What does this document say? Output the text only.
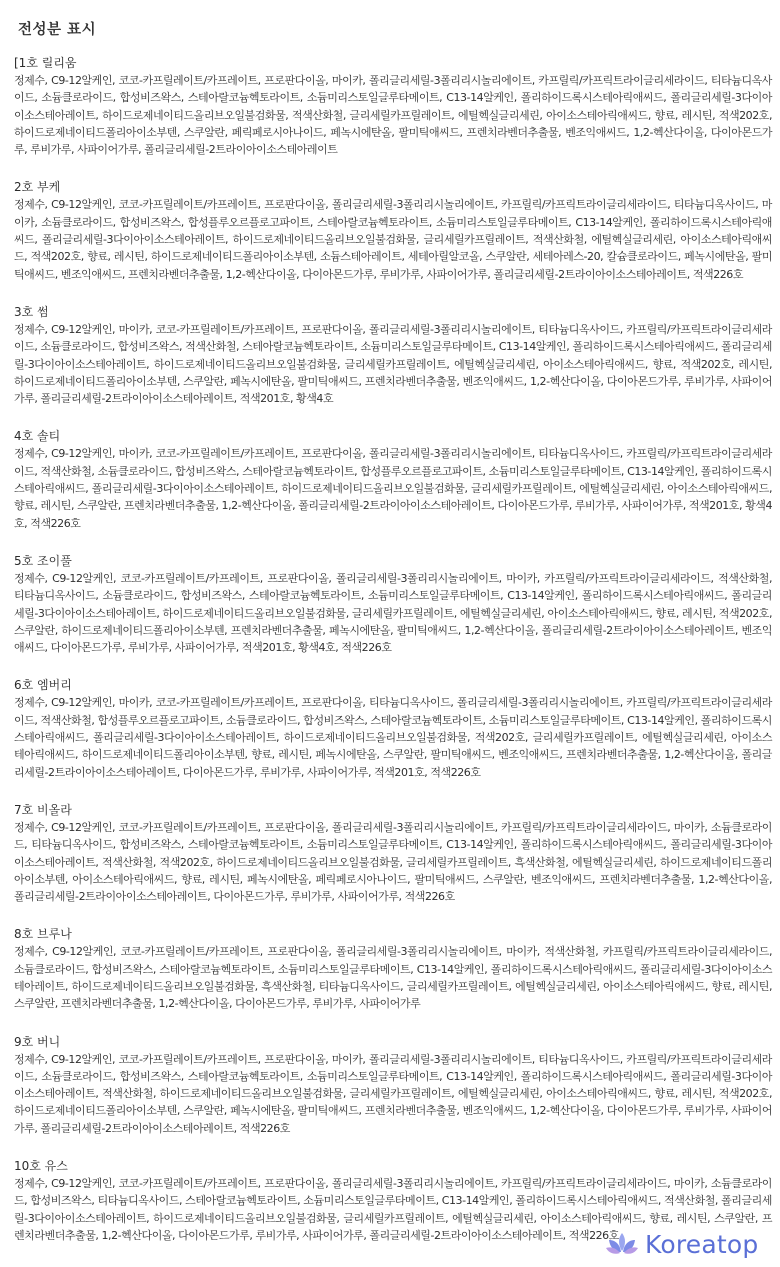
전성분 표시
[1호 릴리움
정제수, C9-12알케인, 코코-카프릴레이트/카프레이트, 프로판다이올, 마이카, 폴리글리세릴-3폴리리시놀리에이트, 카프릴릭/카프릭트라이글리세라이드, 티타늄디옥사이드, 소듐클로라이드, 합성비즈왁스, 스테아랄코늄헥토라이트, 소듐미리스토일글루타메이트, C13-14알케인, 폴리하이드록시스테아릭애씨드, 폴리글리세릴-3다이아이소스테아레이트, 하이드로제네이티드올리브오일불검화물, 적색산화철, 글리세릴카프릴레이트, 에틸헥실글리세린, 아이소스테아릭애씨드, 향료, 레시틴, 적색202호, 하이드로제네이티드폴리아이소부텐, 스쿠알란, 페릭페로시아나이드, 페녹시에탄올, 팔미틱애씨드, 프렌치라벤더추출물, 벤조익애씨드, 1,2-헥산다이올, 다이아몬드가루, 루비가루, 사파이어가루, 폴리글리세릴-2트라이아이소스테아레이트
2호 부케
정제수, C9-12알케인, 코코-카프릴레이트/카프레이트, 프로판다이올, 폴리글리세릴-3폴리리시놀리에이트, 카프릴릭/카프릭트라이글리세라이드, 티타늄디옥사이드, 마이카, 소듐클로라이드, 합성비즈왁스, 합성플루오르플로고파이트, 스테아랄코늄헥토라이트, 소듐미리스토일글루타메이트, C13-14알케인, 폴리하이드록시스테아릭애씨드, 폴리글리세릴-3다이아이소스테아레이트, 하이드로제네이티드올리브오일불검화물, 글리세릴카프릴레이트, 적색산화철, 에틸헥실글리세린, 아이소스테아릭애씨드, 적색202호, 향료, 레시틴, 하이드로제네이티드폴리아이소부텐, 소듐스테아레이트, 세테아릴알코올, 스쿠알란, 세테아레스-20, 칼슘클로라이드, 페녹시에탄올, 팔미틱애씨드, 벤조익애씨드, 프렌치라벤더추출물, 1,2-헥산다이올, 다이아몬드가루, 루비가루, 사파이어가루, 폴리글리세릴-2트라이아이소스테아레이트, 적색226호
3호 썸
정제수, C9-12알케인, 마이카, 코코-카프릴레이트/카프레이트, 프로판다이올, 폴리글리세릴-3폴리리시놀리에이트, 티타늄디옥사이드, 카프릴릭/카프릭트라이글리세라이드, 소듐클로라이드, 합성비즈왁스, 적색산화철, 스테아랄코늄헥토라이트, 소듐미리스토일글루타메이트, C13-14알케인, 폴리하이드록시스테아릭애씨드, 폴리글리세릴-3다이아이소스테아레이트, 하이드로제네이티드올리브오일불검화물, 글리세릴카프릴레이트, 에틸헥실글리세린, 아이소스테아릭애씨드, 향료, 적색202호, 레시틴, 하이드로제네이티드폴리아이소부텐, 스쿠알란, 페녹시에탄올, 팔미틱애씨드, 프렌치라벤더추출물, 벤조익애씨드, 1,2-헥산다이올, 다이아몬드가루, 루비가루, 사파이어가루, 폴리글리세릴-2트라이아이소스테아레이트, 적색201호, 황색4호
4호 솔티
정제수, C9-12알케인, 마이카, 코코-카프릴레이트/카프레이트, 프로판다이올, 폴리글리세릴-3폴리리시놀리에이트, 티타늄디옥사이드, 카프릴릭/카프릭트라이글리세라이드, 적색산화철, 소듐클로라이드, 합성비즈왁스, 스테아랄코늄헥토라이트, 합성플루오르플로고파이트, 소듐미리스토일글루타메이트, C13-14알케인, 폴리하이드록시스테아릭애씨드, 폴리글리세릴-3다이아이소스테아레이트, 하이드로제네이티드올리브오일불검화물, 글리세릴카프릴레이트, 에틸헥실글리세린, 아이소스테아릭애씨드, 향료, 레시틴, 스쿠알란, 프렌치라벤더추출물, 1,2-헥산다이올, 폴리글리세릴-2트라이아이소스테아레이트, 다이아몬드가루, 루비가루, 사파이어가루, 적색201호, 황색4호, 적색226호
5호 조이풀
정제수, C9-12알케인, 코코-카프릴레이트/카프레이트, 프로판다이올, 폴리글리세릴-3폴리리시놀리에이트, 마이카, 카프릴릭/카프릭트라이글리세라이드, 적색산화철, 티타늄디옥사이드, 소듐클로라이드, 합성비즈왁스, 스테아랄코늄헥토라이트, 소듐미리스토일글루타메이트, C13-14알케인, 폴리하이드록시스테아릭애씨드, 폴리글리세릴-3다이아이소스테아레이트, 하이드로제네이티드올리브오일불검화물, 글리세릴카프릴레이트, 에틸헥실글리세린, 아이소스테아릭애씨드, 향료, 레시틴, 적색202호, 스쿠알란, 하이드로제네이티드폴리아이소부텐, 프렌치라벤더추출물, 페녹시에탄올, 팔미틱애씨드, 1,2-헥산다이올, 폴리글리세릴-2트라이아이소스테아레이트, 벤조익애씨드, 다이아몬드가루, 루비가루, 사파이어가루, 적색201호, 황색4호, 적색226호
6호 엠버리
정제수, C9-12알케인, 마이카, 코코-카프릴레이트/카프레이트, 프로판다이올, 티타늄디옥사이드, 폴리글리세릴-3폴리리시놀리에이트, 카프릴릭/카프릭트라이글리세라이드, 적색산화철, 합성플루오르플로고파이트, 소듐클로라이드, 합성비즈왁스, 스테아랄코늄헥토라이트, 소듐미리스토일글루타메이트, C13-14알케인, 폴리하이드록시스테아릭애씨드, 폴리글리세릴-3다이아이소스테아레이트, 하이드로제네이티드올리브오일불검화물, 적색202호, 글리세릴카프릴레이트, 에틸헥실글리세린, 아이소스테아릭애씨드, 하이드로제네이티드폴리아이소부텐, 향료, 레시틴, 페녹시에탄올, 스쿠알란, 팔미틱애씨드, 벤조익애씨드, 프렌치라벤더추출물, 1,2-헥산다이올, 폴리글리세릴-2트라이아이소스테아레이트, 다이아몬드가루, 루비가루, 사파이어가루, 적색201호, 적색226호
7호 비올라
정제수, C9-12알케인, 코코-카프릴레이트/카프레이트, 프로판다이올, 폴리글리세릴-3폴리리시놀리에이트, 카프릴릭/카프릭트라이글리세라이드, 마이카, 소듐클로라이드, 티타늄디옥사이드, 합성비즈왁스, 스테아랄코늄헥토라이트, 소듐미리스토일글루타메이트, C13-14알케인, 폴리하이드록시스테아릭애씨드, 폴리글리세릴-3다이아이소스테아레이트, 적색산화철, 적색202호, 하이드로제네이티드올리브오일불검화물, 글리세릴카프릴레이트, 흑색산화철, 에틸헥실글리세린, 하이드로제네이티드폴리아이소부텐, 아이소스테아릭애씨드, 향료, 레시틴, 페녹시에탄올, 페릭페로시아나이드, 팔미틱애씨드, 스쿠알란, 벤조익애씨드, 프렌치라벤더추출물, 1,2-헥산다이올, 폴리글리세릴-2트라이아이소스테아레이트, 다이아몬드가루, 루비가루, 사파이어가루, 적색226호
8호 브루나
정제수, C9-12알케인, 코코-카프릴레이트/카프레이트, 프로판다이올, 폴리글리세릴-3폴리리시놀리에이트, 마이카, 적색산화철, 카프릴릭/카프릭트라이글리세라이드, 소듐클로라이드, 합성비즈왁스, 스테아랄코늄헥토라이트, 소듐미리스토일글루타메이트, C13-14알케인, 폴리하이드록시스테아릭애씨드, 폴리글리세릴-3다이아이소스테아레이트, 하이드로제네이티드올리브오일불검화물, 흑색산화철, 티타늄디옥사이드, 글리세릴카프릴레이트, 에틸헥실글리세린, 아이소스테아릭애씨드, 향료, 레시틴, 스쿠알란, 프렌치라벤더추출물, 1,2-헥산다이올, 다이아몬드가루, 루비가루, 사파이어가루
9호 버니
정제수, C9-12알케인, 코코-카프릴레이트/카프레이트, 프로판다이올, 마이카, 폴리글리세릴-3폴리리시놀리에이트, 티타늄디옥사이드, 카프릴릭/카프릭트라이글리세라이드, 소듐클로라이드, 합성비즈왁스, 스테아랄코늄헥토라이트, 소듐미리스토일글루타메이트, C13-14알케인, 폴리하이드록시스테아릭애씨드, 폴리글리세릴-3다이아이소스테아레이트, 적색산화철, 하이드로제네이티드올리브오일불검화물, 글리세릴카프릴레이트, 에틸헥실글리세린, 아이소스테아릭애씨드, 향료, 레시틴, 적색202호, 하이드로제네이티드폴리아이소부텐, 스쿠알란, 페녹시에탄올, 팔미틱애씨드, 프렌치라벤더추출물, 벤조익애씨드, 1,2-헥산다이올, 다이아몬드가루, 루비가루, 사파이어가루, 폴리글리세릴-2트라이아이소스테아레이트, 적색226호
10호 유스
정제수, C9-12알케인, 코코-카프릴레이트/카프레이트, 프로판다이올, 폴리글리세릴-3폴리리시놀리에이트, 카프릴릭/카프릭트라이글리세라이드, 마이카, 소듐클로라이드, 합성비즈왁스, 티타늄디옥사이드, 스테아랄코늄헥토라이트, 소듐미리스토일글루타메이트, C13-14알케인, 폴리하이드록시스테아릭애씨드, 적색산화철, 폴리글리세릴-3다이아이소스테아레이트, 하이드로제네이티드올리브오일불검화물, 글리세릴카프릴레이트, 에틸헥실글리세린, 아이소스테아릭애씨드, 향료, 레시틴, 스쿠알란, 프렌치라벤더추출물, 1,2-헥산다이올, 다이아몬드가루, 루비가루, 사파이어가루, 폴리글리세릴-2트라이아이소스테아레이트, 적색226호	Koreatop
